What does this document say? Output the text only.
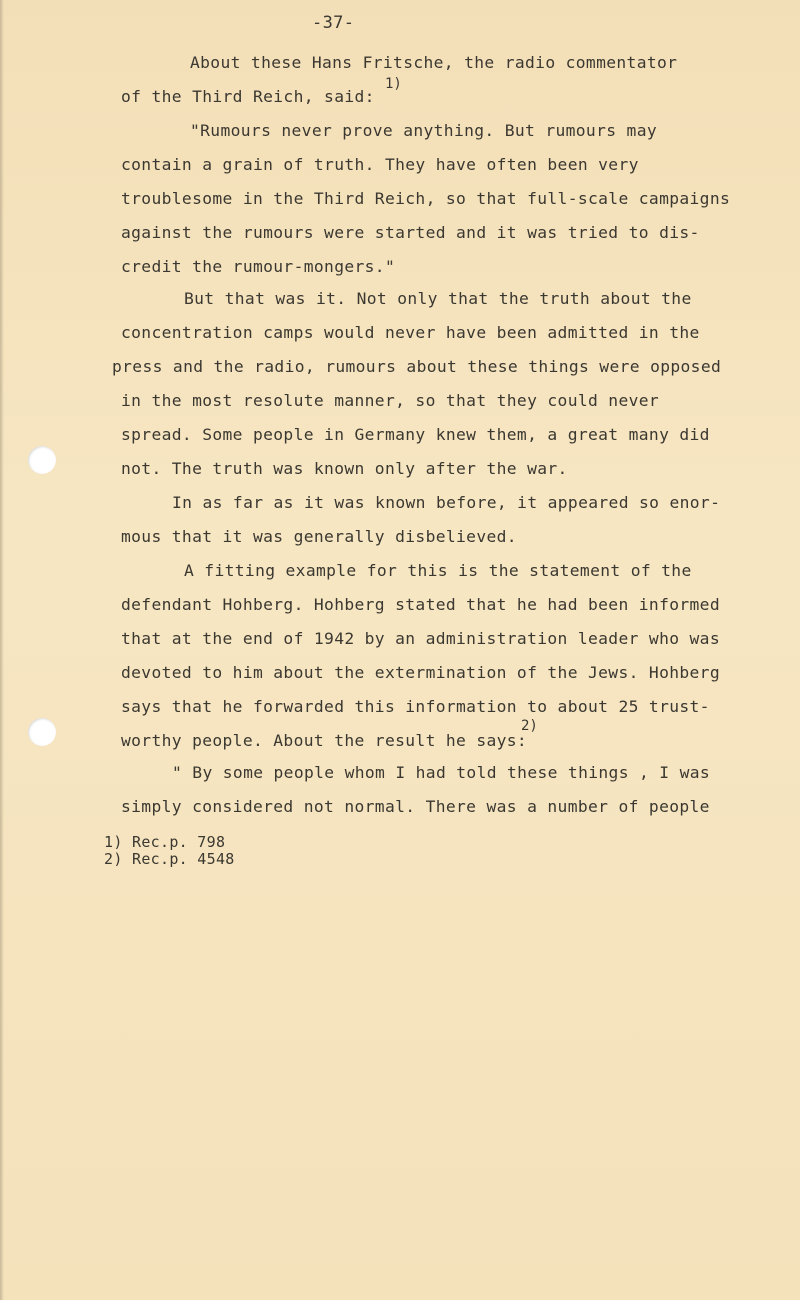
-37-
About these Hans Fritsche, the radio commentator
of the Third Reich, said:
1)
"Rumours never prove anything. But rumours may
contain a grain of truth. They have often been very
troublesome in the Third Reich, so that full-scale campaigns
against the rumours were started and it was tried to dis-
credit the rumour-mongers."
But that was it. Not only that the truth about the
concentration camps would never have been admitted in the
press and the radio, rumours about these things were opposed
in the most resolute manner, so that they could never
spread. Some people in Germany knew them, a great many did
not. The truth was known only after the war.
In as far as it was known before, it appeared so enor-
mous that it was generally disbelieved.
A fitting example for this is the statement of the
defendant Hohberg. Hohberg stated that he had been informed
that at the end of 1942 by an administration leader who was
devoted to him about the extermination of the Jews. Hohberg
says that he forwarded this information to about 25 trust-
worthy people. About the result he says:
2)
" By some people whom I had told these things , I was
simply considered not normal. There was a number of people
1) Rec.p. 798
2) Rec.p. 4548
